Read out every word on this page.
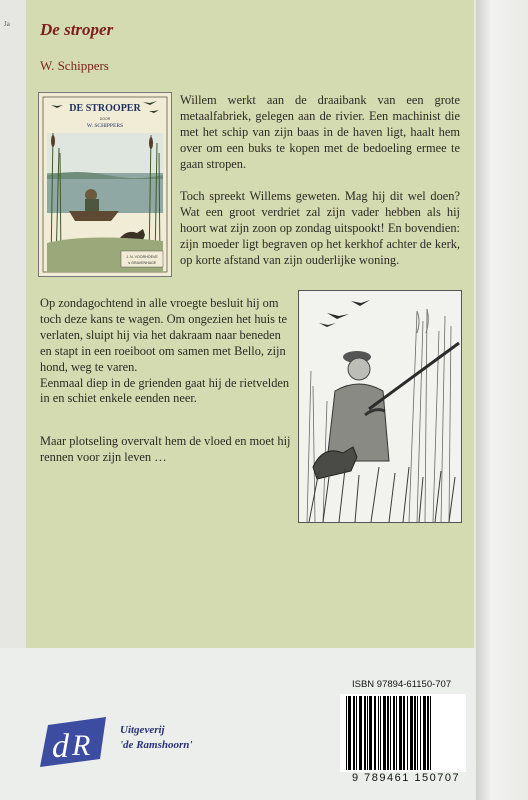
Ja De stroper
W. Schippers
DE STROOPER
DOOR
W. SCHIPPERS
J. N. VOORHOEVE
's GRAVENHAGE

Willem werkt aan de draaibank van een grote metaalfabriek, gelegen aan de rivier. Een machinist die met het schip van zijn baas in de haven ligt, haalt hem over om een buks te kopen met de bedoeling ermee te gaan stropen.

Toch spreekt Willems geweten. Mag hij dit wel doen? Wat een groot verdriet zal zijn vader hebben als hij hoort wat zijn zoon op zondag uitspookt! En bovendien: zijn moeder ligt begraven op het kerkhof achter de kerk, op korte afstand van zijn ouderlijke woning.

Op zondagochtend in alle vroegte besluit hij om toch deze kans te wagen. Om ongezien het huis te verlaten, sluipt hij via het dakraam naar beneden en stapt in een roeiboot om samen met Bello, zijn hond, weg te varen.
Eenmaal diep in de grienden gaat hij de rietvelden in en schiet enkele eenden neer.

Maar plotseling overvalt hem de vloed en moet hij rennen voor zijn leven …

ISBN 97894-61150-707
9 789461 150707
d R	Uitgeverij
'de Ramshoorn'
